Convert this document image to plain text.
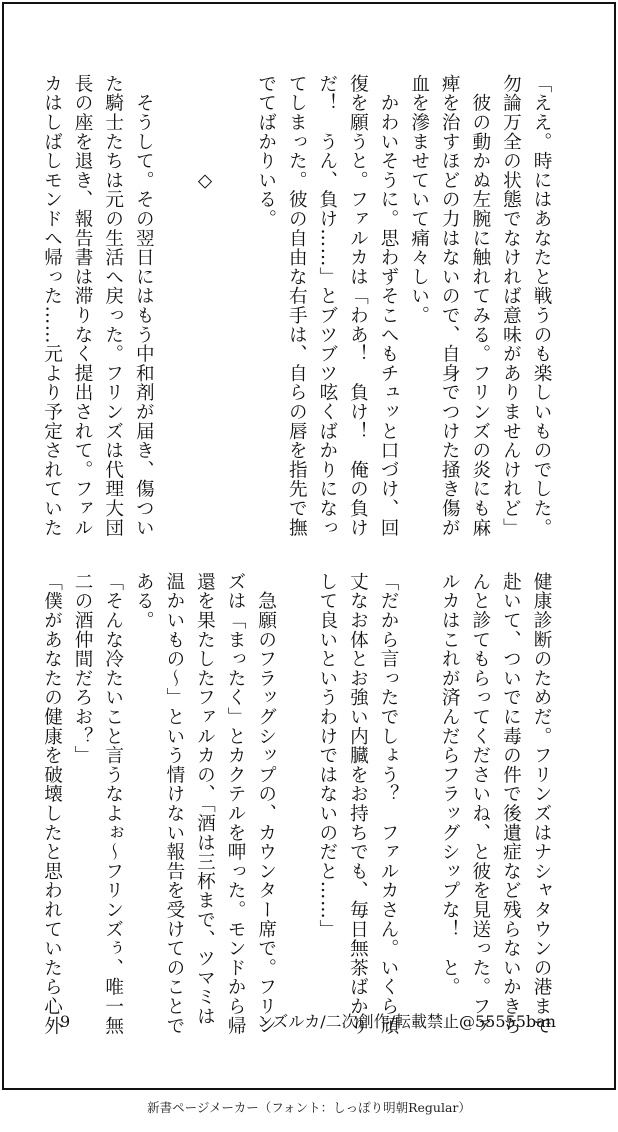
「ええ。時にはあなたと戦うのも楽しいものでした。
勿論万全の状態でなければ意味がありませんけれど」
　彼の動かぬ左腕に触れてみる。フリンズの炎にも麻
痺を治すほどの力はないので、自身でつけた掻き傷が
血を滲ませていて痛々しい。
　かわいそうに。思わずそこへもチュッと口づけ、回
復を願うと。ファルカは「わあ！　負け！　俺の負け
だ！　うん、負け……」とブツブツ呟くばかりになっ
てしまった。彼の自由な右手は、自らの唇を指先で撫
でてばかりいる。

　　　　　◇

　そうして。その翌日にはもう中和剤が届き、傷つい
た騎士たちは元の生活へ戻った。フリンズは代理大団
長の座を退き、報告書は滞りなく提出されて。ファル
カはしばしモンドへ帰った……元より予定されていた
健康診断のためだ。フリンズはナシャタウンの港まで
赴いて、ついでに毒の件で後遺症など残らないかきち
んと診てもらってくださいね、と彼を見送った。ファ
ルカはこれが済んだらフラッグシップな！　と。

「だから言ったでしょう？　ファルカさん。いくら頑
丈なお体とお強い内臓をお持ちでも、毎日無茶ばかり
して良いというわけではないのだと……」

　急願のフラッグシップの、カウンター席で。フリン
ズは「まったく」とカクテルを呷った。モンドから帰
還を果たしたファルカの、「酒は三杯まで、ツマミは
温かいもの～」という情けない報告を受けてのことで
ある。
「そんな冷たいこと言うなよぉ～フリンズぅ、唯一無
二の酒仲間だろお？」
「僕があなたの健康を破壊したと思われていたら心外
9	ンズルカ/二次創作/転載禁止@55555ban
新書ページメーカー（フォント：しっぽり明朝Regular）
